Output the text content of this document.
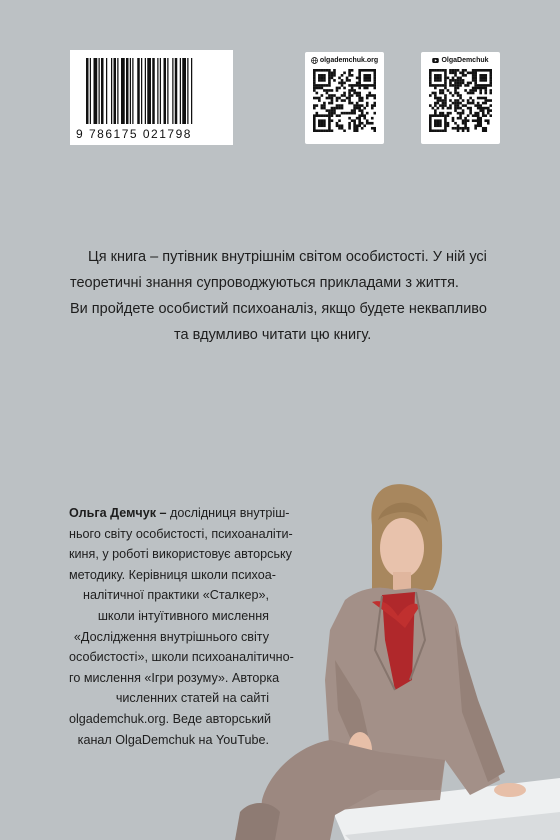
9 786175 021798
olgademchuk.org	OlgaDemchuk

Ця книга – путівник внутрішнім світом особистості. У ній усі

теоретичні знання супроводжуються прикладами з життя.

Ви пройдете особистий психоаналіз, якщо будете неквапливо

та вдумливо читати цю книгу.

Ольга Демчук – дослідниця внутріш-
нього світу особистості, психоаналіти-
киня, у роботі використовує авторську
методику. Керівниця школи психоа-
налітичної практики «Сталкер»,
школи інтуїтивного мислення
«Дослідження внутрішнього світу
особистості», школи психоаналітично-
го мислення «Ігри розуму». Авторка
численних статей на сайті
olgademchuk.org. Веде авторський
канал OlgaDemchuk на YouTube.
